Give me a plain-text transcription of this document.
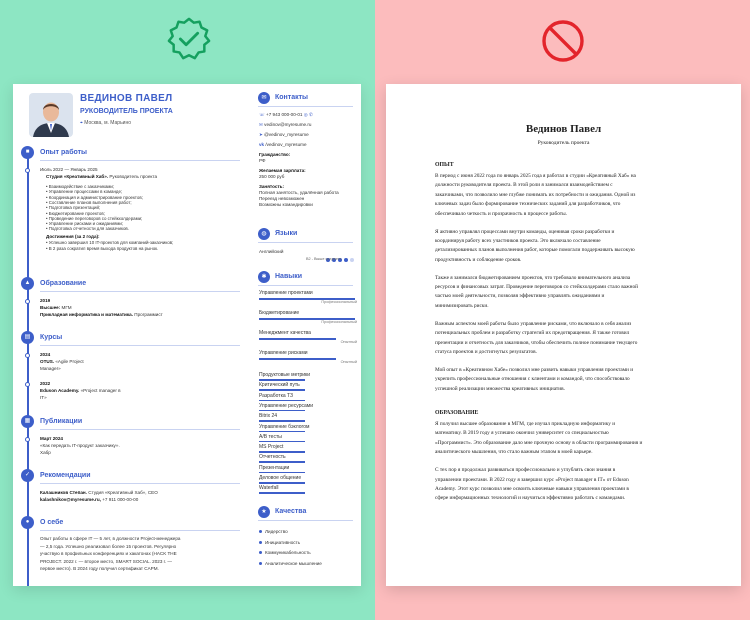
ВЕДИНОВ ПАВЕЛ
РУКОВОДИТЕЛЬ ПРОЕКТА
⌖ Москва, м. Марьино
■	Опыт работы
Июль 2022 — Январь 2025
Студия «Креативный Хаб». Руководитель проекта
• Взаимодействие с заказчиками;
• Управление процессами в команде;
• Координация и администрирование проектов;
• Составление планов выполнения работ;
• Подготовка презентаций;
• Бюджетирование проектов;
• Проведение переговоров со стейкхолдерами;
• Управление рисками и ожиданиями;
• Подготовка отчетности для заказчиков.
Достижения (за 2 года):
• Успешно завершил 10 IT-проектов для компаний-заказчиков;
• В 2 раза сократил время выхода продуктов на рынок.
▲	Образование
2019
Высшее: МГМ
Прикладная информатика и математика. Программист
▤	Курсы
2024
OTUS. «Agile Project
Manager»
2022
Eduson Academy. «Project manager в
IT»
▦	Публикации
Март 2024
«Как передать IT-продукт заказчику».
Хабр
✓	Рекомендации
Калашников Степан. Студия «Креативный Хаб», CEO
kalashnikov@myresume.ru, +7 911 000-00-00
●	О себе
Опыт работы в сфере IT — 5 лет, в должности Project-менеджера
— 2,5 года. Успешно реализовал более 15 проектов. Регулярно
участвую в профильных конференциях и хакатонах (HACK THE
PROJECT. 2022 г. — второе место, SMART SOCIAL. 2023 г. —
первое место). В 2024 году получил сертификат CAPM.
✉	Контакты
☏ +7 943 000-00-01 ◎ ✆
✉ vedinov@myresume.ru
➤ @vedinov_myresume
vk /vedinov_myresume
Гражданство:
РФ
Желаемая зарплата:
250 000 руб
Занятость:
Полная занятость, удалённая работа
Переезд невозможен
Возможны командировки
◍	Языки
Английский
B2 - Выше среднего
✱	Навыки
Управление проектами
Профессиональный
Бюджетирование
Профессиональный
Менеджмент качества
Опытный
Управление рисками
Опытный
Продуктовые метрики
Критический путь
Разработка ТЗ
Управление ресурсами
Bitrix 24
Управление бэклогом
A/B тесты
MS Project
Отчетность
Презентации
Деловое общение
Waterfall
★	Качества
Лидерство
Инициативность
Коммуникабельность
Аналитическое мышление
Вединов Павел
Руководитель проекта
ОПЫТ
В период с июня 2022 года по январь 2025 года я работал в студии «Креативный Хаб» на
должности руководителя проекта. В этой роли я занимался взаимодействием с
заказчиками, что позволило мне глубже понимать их потребности и ожидания. Одной из
ключевых задач было формирование технических заданий для разработчиков, что
обеспечивало четкость и прозрачность в процессе работы.
Я активно управлял процессами внутри команды, оценивая сроки разработки и
координируя работу всех участников проекта. Это включало составление
детализированных планов выполнения работ, которые помогали поддерживать высокую
продуктивность и соблюдение сроков.
Также я занимался бюджетированием проектов, что требовало внимательного анализа
ресурсов и финансовых затрат. Проведение переговоров со стейкхолдерами стало важной
частью моей деятельности, позволяя эффективно управлять ожиданиями и
минимизировать риски.
Важным аспектом моей работы было управление рисками, что включало в себя анализ
потенциальных проблем и разработку стратегий их предотвращения. Я также готовил
презентации и отчетность для заказчиков, чтобы обеспечить полное понимание текущего
статуса проектов и достигнутых результатов.
Мой опыт в «Креативном Хабе» позволил мне развить навыки управления проектами и
укрепить профессиональные отношения с клиентами и командой, что способствовало
успешной реализации множества креативных инициатив.
ОБРАЗОВАНИЕ
Я получил высшее образование в МГМ, где изучал прикладную информатику и
математику. В 2019 году я успешно окончил университет со специальностью
«Программист». Это образование дало мне прочную основу в области программирования и
аналитического мышления, что стало важным этапом в моей карьере.
С тех пор я продолжал развиваться профессионально и углублять свои знания в
управлении проектами. В 2022 году я завершил курс «Project manager в IT» от Eduson
Academy. Этот курс позволил мне освоить ключевые навыки управления проектами в
сфере информационных технологий и научиться эффективно работать с командами.
